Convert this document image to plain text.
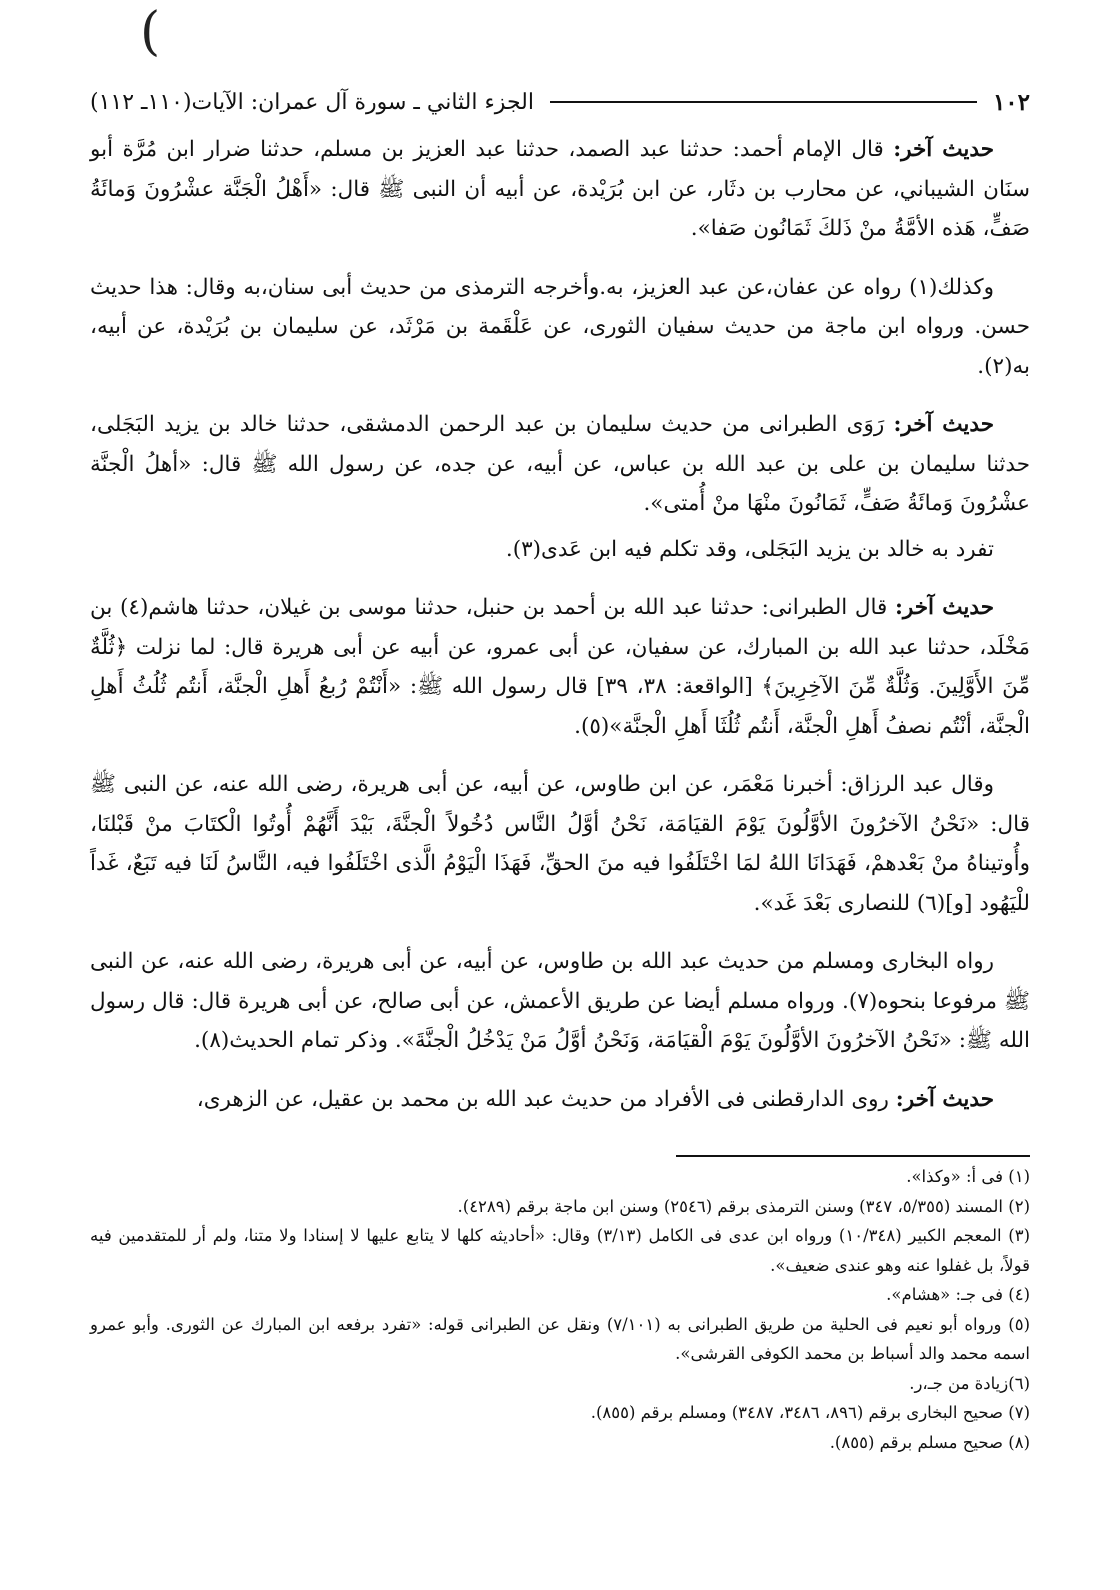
(
١٠٢
الجزء الثاني ـ سورة آل عمران: الآيات(١١٠ـ ١١٢)

حديث آخر: قال الإمام أحمد: حدثنا عبد الصمد، حدثنا عبد العزيز بن مسلم، حدثنا ضرار ابن مُرَّة أبو سنَان الشيباني، عن محارب بن دثَار، عن ابن بُرَيْدة، عن أبيه أن النبى ﷺ قال: «أَهْلُ الْجَنَّة عشْرُونَ وَمائَةُ صَفٍّ، هَذه الأمَّةُ منْ ذَلكَ ثَمَانُون صَفا».

وكذلك(١) رواه عن عفان،عن عبد العزيز، به.وأخرجه الترمذى من حديث أبى سنان،به وقال: هذا حديث حسن. ورواه ابن ماجة من حديث سفيان الثورى، عن عَلْقَمة بن مَرْثَد، عن سليمان بن بُرَيْدة، عن أبيه، به(٢).

حديث آخر: رَوَى الطبرانى من حديث سليمان بن عبد الرحمن الدمشقى، حدثنا خالد بن يزيد البَجَلى، حدثنا سليمان بن على بن عبد الله بن عباس، عن أبيه، عن جده، عن رسول الله ﷺ قال: «أهلُ الْجنَّة عشْرُونَ وَمائَةُ صَفٍّ، ثَمَانُونَ منْهَا منْ أُمتى».

تفرد به خالد بن يزيد البَجَلى، وقد تكلم فيه ابن عَدى(٣).

حديث آخر: قال الطبرانى: حدثنا عبد الله بن أحمد بن حنبل، حدثنا موسى بن غيلان، حدثنا هاشم(٤) بن مَخْلَد، حدثنا عبد الله بن المبارك، عن سفيان، عن أبى عمرو، عن أبيه عن أبى هريرة قال: لما نزلت ﴿ثُلَّةٌ مِّنَ الأَوَّلِينَ. وَثُلَّةٌ مِّنَ الآخِرِينَ﴾ [الواقعة: ٣٨، ٣٩] قال رسول الله ﷺ: «أَنْتُمْ رُبعُ أَهلِ الْجنَّة، أَنتُم ثُلُثُ أَهلِ الْجنَّة، أنْتُم نصفُ أَهلِ الْجنَّة، أَنتُم ثُلُثَا أَهلِ الْجنَّة»(٥).

وقال عبد الرزاق: أخبرنا مَعْمَر، عن ابن طاوس، عن أبيه، عن أبى هريرة، رضى الله عنه، عن النبى ﷺ قال: «نَحْنُ الآخرُونَ الأوَّلُونَ يَوْمَ القيَامَة، نَحْنُ أوَّلُ النَّاس دُخُولاً الْجنَّةَ، بَيْدَ أَنَّهُمْ أُوتُوا الْكتَابَ منْ قَبْلنَا، وأُوتيناهُ منْ بَعْدهمْ، فَهَدَانَا اللهُ لمَا اخْتَلَفُوا فيه منَ الحقِّ، فَهَذَا الْيَوْمُ الَّذى اخْتَلَفُوا فيه، النَّاسُ لَنَا فيه تَبَعٌ، غَداً للْيَهُود [و](٦) للنصارى بَعْدَ غَد».

رواه البخارى ومسلم من حديث عبد الله بن طاوس، عن أبيه، عن أبى هريرة، رضى الله عنه، عن النبى ﷺ مرفوعا بنحوه(٧). ورواه مسلم أيضا عن طريق الأعمش، عن أبى صالح، عن أبى هريرة قال: قال رسول الله ﷺ: «نَحْنُ الآخرُونَ الأوَّلُونَ يَوْمَ الْقيَامَة، وَنَحْنُ أوَّلُ مَنْ يَدْخُلُ الْجنَّةَ». وذكر تمام الحديث(٨).

حديث آخر: روى الدارقطنى فى الأفراد من حديث عبد الله بن محمد بن عقيل، عن الزهرى،

(١) فى أ: «وكذا».

(٢) المسند (٥/٣٥٥، ٣٤٧) وسنن الترمذى برقم (٢٥٤٦) وسنن ابن ماجة برقم (٤٢٨٩).

(٣) المعجم الكبير (١٠/٣٤٨) ورواه ابن عدى فى الكامل (٣/١٣) وقال: «أحاديثه كلها لا يتابع عليها لا إسنادا ولا متنا، ولم أر للمتقدمين فيه قولاً، بل غفلوا عنه وهو عندى ضعيف».

(٤) فى جـ: «هشام».

(٥) ورواه أبو نعيم فى الحلية من طريق الطبرانى به (٧/١٠١) ونقل عن الطبرانى قوله: «تفرد برفعه ابن المبارك عن الثورى. وأبو عمرو اسمه محمد والد أسباط بن محمد الكوفى القرشى».

(٦)زيادة من جـ،ر.

(٧) صحيح البخارى برقم (٨٩٦، ٣٤٨٦، ٣٤٨٧) ومسلم برقم (٨٥٥).

(٨) صحيح مسلم برقم (٨٥٥).
